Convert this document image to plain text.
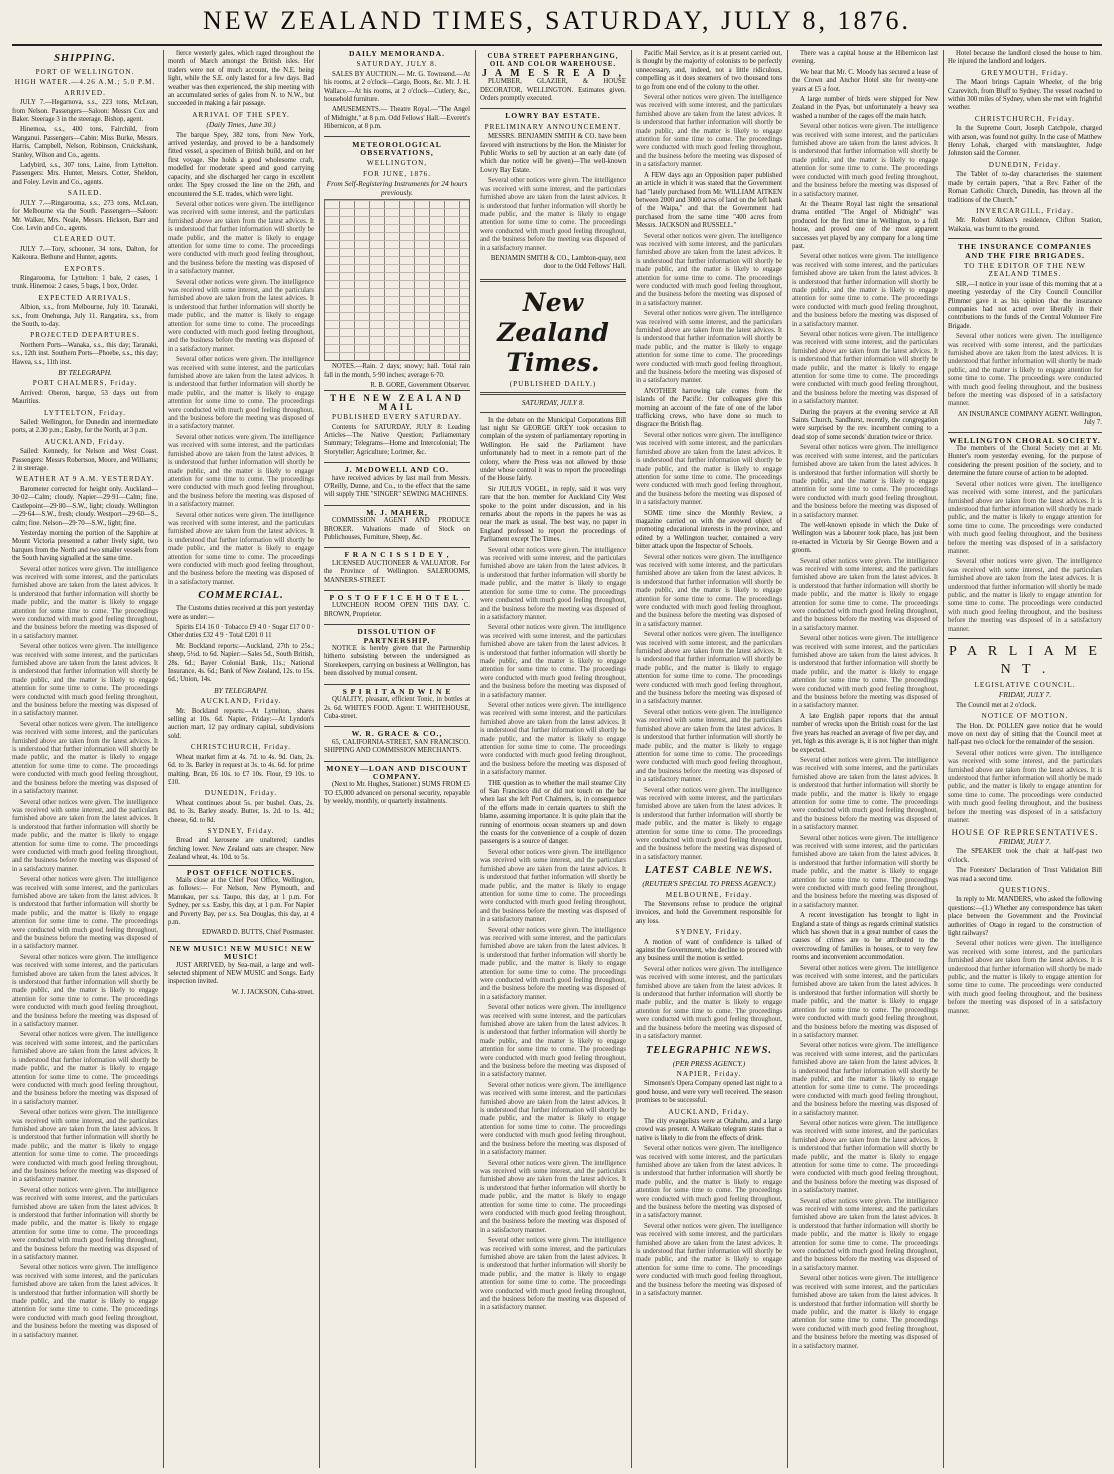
NEW ZEALAND TIMES, SATURDAY, JULY 8, 1876.
SHIPPING.
PORT OF WELLINGTON.
HIGH WATER.—4.26 A.M.; 5.0 P.M.
ARRIVED.

JULY 7.—Hegarnova, s.s., 223 tons, McLean, from Nelson. Passengers—Saloon: Messrs Cox and Baker. Steerage 3 in the steerage. Bishop, agent.

Hinemoa, s.s., 400 tons, Fairchild, from Wanganui. Passengers—Cabin: Miss Burke, Messrs. Harris, Campbell, Nelson, Robinson, Cruickshank, Stanley, Wilson and Co., agents.

Ladybird, s.s., 307 tons, Laine, from Lyttelton. Passengers: Mrs. Hunter, Messrs. Cotter, Sheldon, and Foley. Levin and Co., agents.

SAILED.

JULY 7.—Ringarooma, s.s., 273 tons, McLean, for Melbourne via the South. Passengers—Saloon: Mr. Walker, Mrs. Neale, Messrs. Hickson, Barr and Coe. Levin and Co., agents.

CLEARED OUT.

JULY 7.—Tory, schooner, 34 tons, Dalton, for Kaikoura. Bethune and Hunter, agents.

EXPORTS.

Ringarooma, for Lyttelton: 1 bale, 2 cases, 1 trunk. Hinemoa: 2 cases, 5 bags, 1 box, Order.

EXPECTED ARRIVALS.

Albion, s.s., from Melbourne, July 10. Taranaki, s.s., from Onehunga, July 11. Rangatira, s.s., from the South, to-day.

PROJECTED DEPARTURES.

Northern Ports—Wanaka, s.s., this day; Taranaki, s.s., 12th inst. Southern Ports—Phoebe, s.s., this day; Hawea, s.s., 11th inst.

BY TELEGRAPH.
PORT CHALMERS, Friday.

Arrived: Oberon, barque, 53 days out from Mauritius.

LYTTELTON, Friday.

Sailed: Wellington, for Dunedin and intermediate ports, at 2.30 p.m.; Easby, for the North, at 3 p.m.

AUCKLAND, Friday.

Sailed: Kennedy, for Nelson and West Coast. Passengers: Messrs Robertson, Moore, and Williams; 2 in steerage.

WEATHER AT 9 A.M. YESTERDAY.

Barometer corrected for height only. Auckland—30·02—Calm; cloudy. Napier—29·91—Calm; fine. Castlepoint—29·80—S.W., light; cloudy. Wellington—29·64—S.W., fresh; cloudy. Westport—29·60—S., calm; fine. Nelson—29·70—S.W., light; fine.

Yesterday morning the portion of the Sapphire at Mount Victoria presented a rather lively sight, two barques from the North and two smaller vessels from the South having signalled at the same time.

Several other notices were given. The intelligence was received with some interest, and the particulars furnished above are taken from the latest advices. It is understood that further information will shortly be made public, and the matter is likely to engage attention for some time to come. The proceedings were conducted with much good feeling throughout, and the business before the meeting was disposed of in a satisfactory manner.

Several other notices were given. The intelligence was received with some interest, and the particulars furnished above are taken from the latest advices. It is understood that further information will shortly be made public, and the matter is likely to engage attention for some time to come. The proceedings were conducted with much good feeling throughout, and the business before the meeting was disposed of in a satisfactory manner.

Several other notices were given. The intelligence was received with some interest, and the particulars furnished above are taken from the latest advices. It is understood that further information will shortly be made public, and the matter is likely to engage attention for some time to come. The proceedings were conducted with much good feeling throughout, and the business before the meeting was disposed of in a satisfactory manner.

Several other notices were given. The intelligence was received with some interest, and the particulars furnished above are taken from the latest advices. It is understood that further information will shortly be made public, and the matter is likely to engage attention for some time to come. The proceedings were conducted with much good feeling throughout, and the business before the meeting was disposed of in a satisfactory manner.

Several other notices were given. The intelligence was received with some interest, and the particulars furnished above are taken from the latest advices. It is understood that further information will shortly be made public, and the matter is likely to engage attention for some time to come. The proceedings were conducted with much good feeling throughout, and the business before the meeting was disposed of in a satisfactory manner.

Several other notices were given. The intelligence was received with some interest, and the particulars furnished above are taken from the latest advices. It is understood that further information will shortly be made public, and the matter is likely to engage attention for some time to come. The proceedings were conducted with much good feeling throughout, and the business before the meeting was disposed of in a satisfactory manner.

Several other notices were given. The intelligence was received with some interest, and the particulars furnished above are taken from the latest advices. It is understood that further information will shortly be made public, and the matter is likely to engage attention for some time to come. The proceedings were conducted with much good feeling throughout, and the business before the meeting was disposed of in a satisfactory manner.

Several other notices were given. The intelligence was received with some interest, and the particulars furnished above are taken from the latest advices. It is understood that further information will shortly be made public, and the matter is likely to engage attention for some time to come. The proceedings were conducted with much good feeling throughout, and the business before the meeting was disposed of in a satisfactory manner.

Several other notices were given. The intelligence was received with some interest, and the particulars furnished above are taken from the latest advices. It is understood that further information will shortly be made public, and the matter is likely to engage attention for some time to come. The proceedings were conducted with much good feeling throughout, and the business before the meeting was disposed of in a satisfactory manner.

Several other notices were given. The intelligence was received with some interest, and the particulars furnished above are taken from the latest advices. It is understood that further information will shortly be made public, and the matter is likely to engage attention for some time to come. The proceedings were conducted with much good feeling throughout, and the business before the meeting was disposed of in a satisfactory manner.

fierce westerly gales, which raged throughout the month of March amongst the British isles. Her traders were not of much account, the N.E. being light, while the S.E. only lasted for a few days. Bad weather was then experienced, the ship meeting with an accumulated series of gales from N. to N.W., but succeeded in making a fair passage.

ARRIVAL OF THE SPEY.
(Daily Times, June 30.)

The barque Spey, 382 tons, from New York, arrived yesterday, and proved to be a handsomely fitted vessel, a specimen of British build, and on her first voyage. She holds a good wholesome craft, modelled for moderate speed and good carrying capacity, and she discharged her cargo in excellent order. The Spey crossed the line on the 26th, and encountered the S.E. trades, which were light.

Several other notices were given. The intelligence was received with some interest, and the particulars furnished above are taken from the latest advices. It is understood that further information will shortly be made public, and the matter is likely to engage attention for some time to come. The proceedings were conducted with much good feeling throughout, and the business before the meeting was disposed of in a satisfactory manner.

Several other notices were given. The intelligence was received with some interest, and the particulars furnished above are taken from the latest advices. It is understood that further information will shortly be made public, and the matter is likely to engage attention for some time to come. The proceedings were conducted with much good feeling throughout, and the business before the meeting was disposed of in a satisfactory manner.

Several other notices were given. The intelligence was received with some interest, and the particulars furnished above are taken from the latest advices. It is understood that further information will shortly be made public, and the matter is likely to engage attention for some time to come. The proceedings were conducted with much good feeling throughout, and the business before the meeting was disposed of in a satisfactory manner.

Several other notices were given. The intelligence was received with some interest, and the particulars furnished above are taken from the latest advices. It is understood that further information will shortly be made public, and the matter is likely to engage attention for some time to come. The proceedings were conducted with much good feeling throughout, and the business before the meeting was disposed of in a satisfactory manner.

Several other notices were given. The intelligence was received with some interest, and the particulars furnished above are taken from the latest advices. It is understood that further information will shortly be made public, and the matter is likely to engage attention for some time to come. The proceedings were conducted with much good feeling throughout, and the business before the meeting was disposed of in a satisfactory manner.

COMMERCIAL.

The Customs duties received at this port yesterday were as under:—

Spirits £14 16 0 · Tobacco £9 4 0 · Sugar £17 0 0 · Other duties £32 4 9 · Total £201 0 11

Mr. Bockland reports:—Auckland, 27th to 25s.; sheep, 5½d. to 6d. Napier:—Sales 5d., South British, 28s. 6d.; Bayer Colonial Bank, 11s.; National Insurance, 4s. 6d.; Bank of New Zealand, 12s. to 15s. 6d.; Union, 14s.

BY TELEGRAPH.
AUCKLAND, Friday.

Mr. Bockland reports:—At Lyttelton, shares selling at 10s. 6d. Napier, Friday:—At Lyndon's auction mart, 12 pay ordinary capital, subdivisions sold.

CHRISTCHURCH, Friday.

Wheat market firm at 4s. 7d. to 4s. 9d. Oats, 2s. 6d. to 3s. Barley in request at 3s. to 4s. 6d. for prime malting. Bran, £6 10s. to £7 10s. Flour, £9 10s. to £10.

DUNEDIN, Friday.

Wheat continues about 5s. per bushel. Oats, 2s. 8d. to 3s. Barley steady. Butter, 1s. 2d. to 1s. 4d.; cheese, 6d. to 8d.

SYDNEY, Friday.

Bread and kerosene are unaltered; candles fetching lower. New Zealand oats are cheaper. New Zealand wheat, 4s. 10d. to 5s.

POST OFFICE NOTICES.

Mails close at the Chief Post Office, Wellington, as follows:— For Nelson, New Plymouth, and Manukau, per s.s. Taupo, this day, at 1 p.m. For Sydney, per s.s. Easby, this day, at 1 p.m. For Napier and Poverty Bay, per s.s. Sea Douglas, this day, at 4 p.m.

EDWARD D. BUTTS, Chief Postmaster.
NEW MUSIC! NEW MUSIC! NEW MUSIC!

JUST ARRIVED, by Sea-mail, a large and well-selected shipment of NEW MUSIC and Songs. Early inspection invited.

W. J. JACKSON, Cuba-street.
DAILY MEMORANDA.
SATURDAY, JULY 8.

SALES BY AUCTION.— Mr. G. Townsend.—At his rooms, at 2 o'clock—Cargo, Boots, &c. Mr. J. H. Wallace.—At his rooms, at 2 o'clock—Cutlery, &c., household furniture.

AMUSEMENTS.— Theatre Royal.—"The Angel of Midnight," at 8 p.m. Odd Fellows' Hall.—Everett's Hibernicon, at 8 p.m.

METEOROLOGICAL OBSERVATIONS,
WELLINGTON,
FOR JUNE, 1876.
From Self-Registering Instruments for 24 hours previously.

NOTES.—Rain. 2 days; snowy; hail. Total rain fall in the month, 5·90 inches; average 6·70.

R. B. GORE, Government Observer.
THE NEW ZEALAND MAIL
PUBLISHED EVERY SATURDAY.

Contents for SATURDAY, JULY 8: Leading Articles—The Native Question; Parliamentary Summary; Telegrams—Home and Intercolonial; The Storyteller; Agriculture; Lorimer, &c.

J. McDOWELL AND CO.

have received advices by last mail from Messrs. O'Reilly, Dunne, and Co., to the effect that the same will supply THE "SINGER" SEWING MACHINES.

M. J. MAHER,

COMMISSION AGENT AND PRODUCE BROKER. Valuations made of Stock on Publichouses, Furniture, Sheep, &c.

F R A N C I S S I D E Y ,

LICENSED AUCTIONEER & VALUATOR. For the Province of Wellington. SALEROOMS, MANNERS-STREET.

P O S T O F F I C E H O T E L .

LUNCHEON ROOM OPEN THIS DAY. C. BROWN, Proprietor.

DISSOLUTION OF PARTNERSHIP.

NOTICE is hereby given that the Partnership hitherto subsisting between the undersigned as Storekeepers, carrying on business at Wellington, has been dissolved by mutual consent.

S P I R I T A N D W I N E

QUALITY, pleasant, efficient Tonic, in bottles at 2s. 6d. WHITE'S FOOD. Agent: T. WHITEHOUSE, Cuba-street.

W. R. GRACE & CO.,

65, CALIFORNIA-STREET, SAN FRANCISCO. SHIPPING AND COMMISSION MERCHANTS.

MONEY—LOAN AND DISCOUNT COMPANY.

(Next to Mr. Hughes, Stationer.) SUMS FROM £5 TO £5,000 advanced on personal security, repayable by weekly, monthly, or quarterly instalments.

CUBA STREET PAPERHANGING, OIL AND COLOR WAREHOUSE.
J A M E S R E A D ,

PLUMBER, GLAZIER, & HOUSE DECORATOR, WELLINGTON. Estimates given. Orders promptly executed.

LOWRY BAY ESTATE.
PRELIMINARY ANNOUNCEMENT.

MESSRS. BENJAMIN SMITH & CO. have been favored with instructions by the Hon. the Minister for Public Works to sell by auction at an early date (of which due notice will be given)—The well-known Lowry Bay Estate.

Several other notices were given. The intelligence was received with some interest, and the particulars furnished above are taken from the latest advices. It is understood that further information will shortly be made public, and the matter is likely to engage attention for some time to come. The proceedings were conducted with much good feeling throughout, and the business before the meeting was disposed of in a satisfactory manner.

BENJAMIN SMITH & CO., Lambton-quay, next door to the Odd Fellows' Hall.
New Zealand Times.
(PUBLISHED DAILY.)
SATURDAY, JULY 8.

In the debate on the Municipal Corporations Bill last night Sir GEORGE GREY took occasion to complain of the system of parliamentary reporting in Wellington. He said the Parliament have unfortunately had to meet in a remote part of the colony, where the Press was not allowed by those under whose control it was to report the proceedings of the House fairly.

Sir JULIUS VOGEL, in reply, said it was very rare that the hon. member for Auckland City West spoke to the point under discussion, and in his remarks about the reports in the papers he was as near the mark as usual. The best way, no paper in England professed to report the proceedings of Parliament except The Times.

Several other notices were given. The intelligence was received with some interest, and the particulars furnished above are taken from the latest advices. It is understood that further information will shortly be made public, and the matter is likely to engage attention for some time to come. The proceedings were conducted with much good feeling throughout, and the business before the meeting was disposed of in a satisfactory manner.

Several other notices were given. The intelligence was received with some interest, and the particulars furnished above are taken from the latest advices. It is understood that further information will shortly be made public, and the matter is likely to engage attention for some time to come. The proceedings were conducted with much good feeling throughout, and the business before the meeting was disposed of in a satisfactory manner.

Several other notices were given. The intelligence was received with some interest, and the particulars furnished above are taken from the latest advices. It is understood that further information will shortly be made public, and the matter is likely to engage attention for some time to come. The proceedings were conducted with much good feeling throughout, and the business before the meeting was disposed of in a satisfactory manner.

THE question as to whether the mail steamer City of San Francisco did or did not touch on the bar when last she left Port Chalmers, is, in consequence of the efforts made in certain quarters to shift the blame, assuming importance. It is quite plain that the running of enormous ocean steamers up and down the coasts for the convenience of a couple of dozen passengers is a source of danger.

Several other notices were given. The intelligence was received with some interest, and the particulars furnished above are taken from the latest advices. It is understood that further information will shortly be made public, and the matter is likely to engage attention for some time to come. The proceedings were conducted with much good feeling throughout, and the business before the meeting was disposed of in a satisfactory manner.

Several other notices were given. The intelligence was received with some interest, and the particulars furnished above are taken from the latest advices. It is understood that further information will shortly be made public, and the matter is likely to engage attention for some time to come. The proceedings were conducted with much good feeling throughout, and the business before the meeting was disposed of in a satisfactory manner.

Several other notices were given. The intelligence was received with some interest, and the particulars furnished above are taken from the latest advices. It is understood that further information will shortly be made public, and the matter is likely to engage attention for some time to come. The proceedings were conducted with much good feeling throughout, and the business before the meeting was disposed of in a satisfactory manner.

Several other notices were given. The intelligence was received with some interest, and the particulars furnished above are taken from the latest advices. It is understood that further information will shortly be made public, and the matter is likely to engage attention for some time to come. The proceedings were conducted with much good feeling throughout, and the business before the meeting was disposed of in a satisfactory manner.

Several other notices were given. The intelligence was received with some interest, and the particulars furnished above are taken from the latest advices. It is understood that further information will shortly be made public, and the matter is likely to engage attention for some time to come. The proceedings were conducted with much good feeling throughout, and the business before the meeting was disposed of in a satisfactory manner.

Several other notices were given. The intelligence was received with some interest, and the particulars furnished above are taken from the latest advices. It is understood that further information will shortly be made public, and the matter is likely to engage attention for some time to come. The proceedings were conducted with much good feeling throughout, and the business before the meeting was disposed of in a satisfactory manner.

Pacific Mail Service, as it is at present carried out, is thought by the majority of colonists to be perfectly unnecessary, and, indeed, not a little ridiculous, compelling as it does steamers of two thousand tons to go from one end of the colony to the other.

Several other notices were given. The intelligence was received with some interest, and the particulars furnished above are taken from the latest advices. It is understood that further information will shortly be made public, and the matter is likely to engage attention for some time to come. The proceedings were conducted with much good feeling throughout, and the business before the meeting was disposed of in a satisfactory manner.

A FEW days ago an Opposition paper published an article in which it was stated that the Government had "lately purchased from Mr. WILLIAM AITKEN between 2000 and 3000 acres of land on the left bank of the Waipa," and that the Government had purchased from the same time "400 acres from Messrs. JACKSON and RUSSELL."

Several other notices were given. The intelligence was received with some interest, and the particulars furnished above are taken from the latest advices. It is understood that further information will shortly be made public, and the matter is likely to engage attention for some time to come. The proceedings were conducted with much good feeling throughout, and the business before the meeting was disposed of in a satisfactory manner.

Several other notices were given. The intelligence was received with some interest, and the particulars furnished above are taken from the latest advices. It is understood that further information will shortly be made public, and the matter is likely to engage attention for some time to come. The proceedings were conducted with much good feeling throughout, and the business before the meeting was disposed of in a satisfactory manner.

ANOTHER harrowing tale comes from the islands of the Pacific. Our colleagues give this morning an account of the fate of one of the labor trafficking crews, who have done so much to disgrace the British flag.

Several other notices were given. The intelligence was received with some interest, and the particulars furnished above are taken from the latest advices. It is understood that further information will shortly be made public, and the matter is likely to engage attention for some time to come. The proceedings were conducted with much good feeling throughout, and the business before the meeting was disposed of in a satisfactory manner.

SOME time since the Monthly Review, a magazine carried on with the avowed object of promoting educational interests in the province, and edited by a Wellington teacher, contained a very bitter attack upon the Inspector of Schools.

Several other notices were given. The intelligence was received with some interest, and the particulars furnished above are taken from the latest advices. It is understood that further information will shortly be made public, and the matter is likely to engage attention for some time to come. The proceedings were conducted with much good feeling throughout, and the business before the meeting was disposed of in a satisfactory manner.

Several other notices were given. The intelligence was received with some interest, and the particulars furnished above are taken from the latest advices. It is understood that further information will shortly be made public, and the matter is likely to engage attention for some time to come. The proceedings were conducted with much good feeling throughout, and the business before the meeting was disposed of in a satisfactory manner.

Several other notices were given. The intelligence was received with some interest, and the particulars furnished above are taken from the latest advices. It is understood that further information will shortly be made public, and the matter is likely to engage attention for some time to come. The proceedings were conducted with much good feeling throughout, and the business before the meeting was disposed of in a satisfactory manner.

Several other notices were given. The intelligence was received with some interest, and the particulars furnished above are taken from the latest advices. It is understood that further information will shortly be made public, and the matter is likely to engage attention for some time to come. The proceedings were conducted with much good feeling throughout, and the business before the meeting was disposed of in a satisfactory manner.

LATEST CABLE NEWS.
(REUTER'S SPECIAL TO PRESS AGENCY.)
MELBOURNE, Friday.

The Stevensons refuse to produce the original invoices, and hold the Government responsible for any loss.

SYDNEY, Friday.

A motion of want of confidence is talked of against the Government, who decline to proceed with any business until the motion is settled.

Several other notices were given. The intelligence was received with some interest, and the particulars furnished above are taken from the latest advices. It is understood that further information will shortly be made public, and the matter is likely to engage attention for some time to come. The proceedings were conducted with much good feeling throughout, and the business before the meeting was disposed of in a satisfactory manner.

TELEGRAPHIC NEWS.
(PER PRESS AGENCY.)
NAPIER, Friday.

Simonsen's Opera Company opened last night to a good house, and were very well received. The season promises to be successful.

AUCKLAND, Friday.

The city evangelists were at Otahuhu, and a large crowd was present. A Waikato telegram states that a native is likely to die from the effects of drink.

Several other notices were given. The intelligence was received with some interest, and the particulars furnished above are taken from the latest advices. It is understood that further information will shortly be made public, and the matter is likely to engage attention for some time to come. The proceedings were conducted with much good feeling throughout, and the business before the meeting was disposed of in a satisfactory manner.

Several other notices were given. The intelligence was received with some interest, and the particulars furnished above are taken from the latest advices. It is understood that further information will shortly be made public, and the matter is likely to engage attention for some time to come. The proceedings were conducted with much good feeling throughout, and the business before the meeting was disposed of in a satisfactory manner.

There was a capital house at the Hibernicon last evening.

We hear that Mr. C. Moody has secured a lease of the Crown and Anchor Hotel site for twenty-one years at £5 a foot.

A large number of birds were shipped for New Zealand in the Pyas, but unfortunately a heavy sea washed a number of the cages off the main hatch.

Several other notices were given. The intelligence was received with some interest, and the particulars furnished above are taken from the latest advices. It is understood that further information will shortly be made public, and the matter is likely to engage attention for some time to come. The proceedings were conducted with much good feeling throughout, and the business before the meeting was disposed of in a satisfactory manner.

At the Theatre Royal last night the sensational drama entitled "The Angel of Midnight" was produced for the first time in Wellington, to a full house, and proved one of the most apparent successes yet played by any company for a long time past.

Several other notices were given. The intelligence was received with some interest, and the particulars furnished above are taken from the latest advices. It is understood that further information will shortly be made public, and the matter is likely to engage attention for some time to come. The proceedings were conducted with much good feeling throughout, and the business before the meeting was disposed of in a satisfactory manner.

Several other notices were given. The intelligence was received with some interest, and the particulars furnished above are taken from the latest advices. It is understood that further information will shortly be made public, and the matter is likely to engage attention for some time to come. The proceedings were conducted with much good feeling throughout, and the business before the meeting was disposed of in a satisfactory manner.

During the prayers at the evening service at All Saints Church, Sandhurst, recently, the congregation were surprised by the rev. incumbent coming to a dead stop of some seconds' duration twice or thrice.

Several other notices were given. The intelligence was received with some interest, and the particulars furnished above are taken from the latest advices. It is understood that further information will shortly be made public, and the matter is likely to engage attention for some time to come. The proceedings were conducted with much good feeling throughout, and the business before the meeting was disposed of in a satisfactory manner.

The well-known episode in which the Duke of Wellington was a labourer took place, has just been re-enacted in Victoria by Sir George Bowen and a groom.

Several other notices were given. The intelligence was received with some interest, and the particulars furnished above are taken from the latest advices. It is understood that further information will shortly be made public, and the matter is likely to engage attention for some time to come. The proceedings were conducted with much good feeling throughout, and the business before the meeting was disposed of in a satisfactory manner.

Several other notices were given. The intelligence was received with some interest, and the particulars furnished above are taken from the latest advices. It is understood that further information will shortly be made public, and the matter is likely to engage attention for some time to come. The proceedings were conducted with much good feeling throughout, and the business before the meeting was disposed of in a satisfactory manner.

A late English paper reports that the annual number of wrecks upon the British coast for the last five years has reached an average of five per day, and yet, high as this average is, it is not higher than might be expected.

Several other notices were given. The intelligence was received with some interest, and the particulars furnished above are taken from the latest advices. It is understood that further information will shortly be made public, and the matter is likely to engage attention for some time to come. The proceedings were conducted with much good feeling throughout, and the business before the meeting was disposed of in a satisfactory manner.

Several other notices were given. The intelligence was received with some interest, and the particulars furnished above are taken from the latest advices. It is understood that further information will shortly be made public, and the matter is likely to engage attention for some time to come. The proceedings were conducted with much good feeling throughout, and the business before the meeting was disposed of in a satisfactory manner.

A recent investigation has brought to light in England a state of things as regards criminal statistics which has shown that in a great number of cases the causes of crimes are to be attributed to the overcrowding of families in houses, or to very few rooms and inconvenient accommodation.

Several other notices were given. The intelligence was received with some interest, and the particulars furnished above are taken from the latest advices. It is understood that further information will shortly be made public, and the matter is likely to engage attention for some time to come. The proceedings were conducted with much good feeling throughout, and the business before the meeting was disposed of in a satisfactory manner.

Several other notices were given. The intelligence was received with some interest, and the particulars furnished above are taken from the latest advices. It is understood that further information will shortly be made public, and the matter is likely to engage attention for some time to come. The proceedings were conducted with much good feeling throughout, and the business before the meeting was disposed of in a satisfactory manner.

Several other notices were given. The intelligence was received with some interest, and the particulars furnished above are taken from the latest advices. It is understood that further information will shortly be made public, and the matter is likely to engage attention for some time to come. The proceedings were conducted with much good feeling throughout, and the business before the meeting was disposed of in a satisfactory manner.

Several other notices were given. The intelligence was received with some interest, and the particulars furnished above are taken from the latest advices. It is understood that further information will shortly be made public, and the matter is likely to engage attention for some time to come. The proceedings were conducted with much good feeling throughout, and the business before the meeting was disposed of in a satisfactory manner.

Several other notices were given. The intelligence was received with some interest, and the particulars furnished above are taken from the latest advices. It is understood that further information will shortly be made public, and the matter is likely to engage attention for some time to come. The proceedings were conducted with much good feeling throughout, and the business before the meeting was disposed of in a satisfactory manner.

Hotel because the landlord closed the house to him. He injured the landlord and lodgers.

GREYMOUTH, Friday.

The Maori brings Captain Wheeler, of the brig Czarevitch, from Bluff to Sydney. The vessel reached to within 300 miles of Sydney, when she met with frightful weather.

CHRISTCHURCH, Friday.

In the Supreme Court, Joseph Catchpole, charged with arson, was found not guilty. In the case of Matthew Henry Lohak, charged with manslaughter, Judge Johnston said the Coroner.

DUNEDIN, Friday.

The Tablet of to-day characterises the statement made by certain papers, "that a Rev. Father of the Roman Catholic Church, Dunedin, has thrown all the traditions of the Church."

INVERCARGILL, Friday.

Mr. Robert Aitken's residence, Clifton Station, Waikaia, was burnt to the ground.

THE INSURANCE COMPANIES AND THE FIRE BRIGADES.
TO THE EDITOR OF THE NEW ZEALAND TIMES.

SIR,—I notice in your issue of this morning that at a meeting yesterday of the City Council Councillor Plimmer gave it as his opinion that the insurance companies had not acted over liberally in their contributions to the funds of the Central Volunteer Fire Brigade.

Several other notices were given. The intelligence was received with some interest, and the particulars furnished above are taken from the latest advices. It is understood that further information will shortly be made public, and the matter is likely to engage attention for some time to come. The proceedings were conducted with much good feeling throughout, and the business before the meeting was disposed of in a satisfactory manner.

AN INSURANCE COMPANY AGENT. Wellington, July 7.
WELLINGTON CHORAL SOCIETY.

The members of the Choral Society met at Mr. Hunter's room yesterday evening, for the purpose of considering the present position of the society, and to determine the future course of action to be adopted.

Several other notices were given. The intelligence was received with some interest, and the particulars furnished above are taken from the latest advices. It is understood that further information will shortly be made public, and the matter is likely to engage attention for some time to come. The proceedings were conducted with much good feeling throughout, and the business before the meeting was disposed of in a satisfactory manner.

Several other notices were given. The intelligence was received with some interest, and the particulars furnished above are taken from the latest advices. It is understood that further information will shortly be made public, and the matter is likely to engage attention for some time to come. The proceedings were conducted with much good feeling throughout, and the business before the meeting was disposed of in a satisfactory manner.

P A R L I A M E N T .
LEGISLATIVE COUNCIL.
FRIDAY, JULY 7.

The Council met at 2 o'clock.

NOTICE OF MOTION.

The Hon. Dr. POLLEN gave notice that he would move on next day of sitting that the Council meet at half-past two o'clock for the remainder of the session.

Several other notices were given. The intelligence was received with some interest, and the particulars furnished above are taken from the latest advices. It is understood that further information will shortly be made public, and the matter is likely to engage attention for some time to come. The proceedings were conducted with much good feeling throughout, and the business before the meeting was disposed of in a satisfactory manner.

HOUSE OF REPRESENTATIVES.
FRIDAY, JULY 7.

The SPEAKER took the chair at half-past two o'clock.

The Foresters' Declaration of Trust Validation Bill was read a second time.

QUESTIONS.

In reply to Mr. MANDERS, who asked the following questions:—(1.) Whether any correspondence has taken place between the Government and the Provincial authorities of Otago in regard to the construction of light railways?

Several other notices were given. The intelligence was received with some interest, and the particulars furnished above are taken from the latest advices. It is understood that further information will shortly be made public, and the matter is likely to engage attention for some time to come. The proceedings were conducted with much good feeling throughout, and the business before the meeting was disposed of in a satisfactory manner.
